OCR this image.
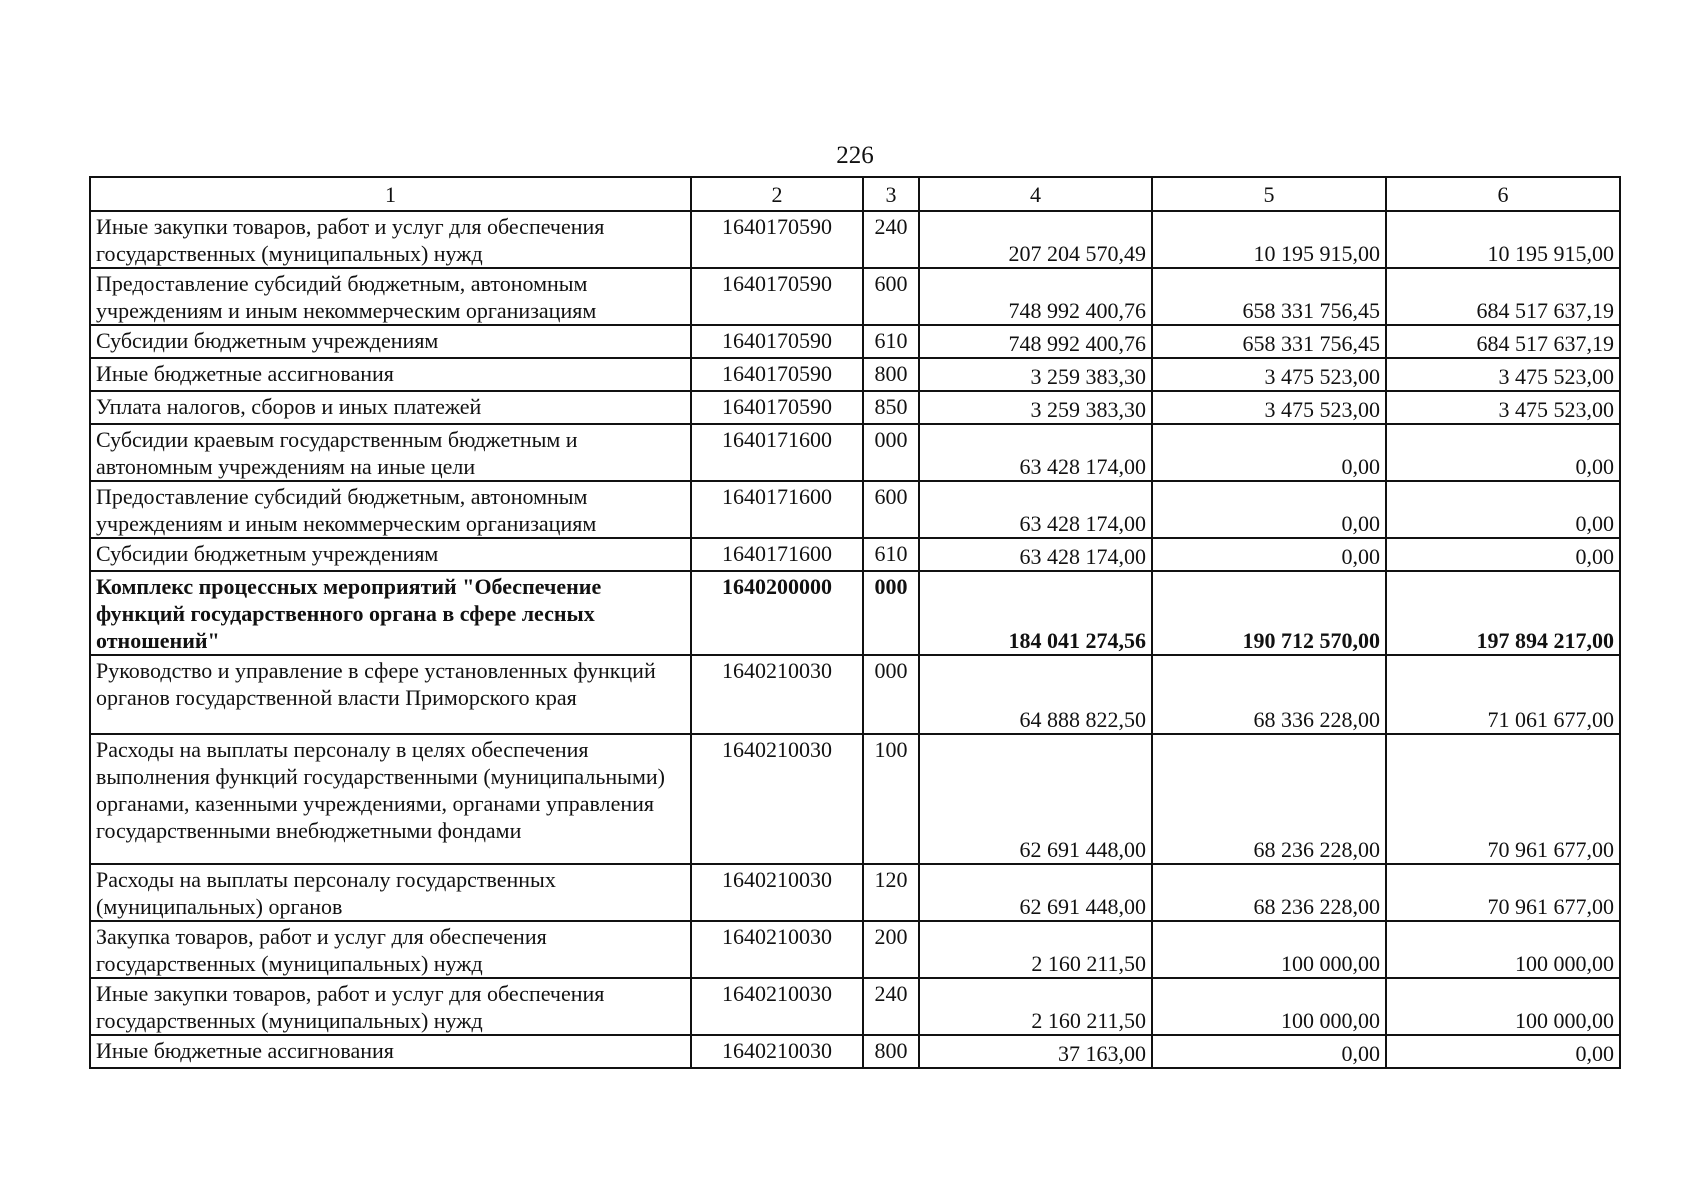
226
1	2	3	4	5	6
Иные закупки товаров, работ и услуг для обеспечения государственных (муниципальных) нужд	1640170590	240	207 204 570,49	10 195 915,00	10 195 915,00
Предоставление субсидий бюджетным, автономным учреждениям и иным некоммерческим организациям	1640170590	600	748 992 400,76	658 331 756,45	684 517 637,19
Субсидии бюджетным учреждениям	1640170590	610	748 992 400,76	658 331 756,45	684 517 637,19
Иные бюджетные ассигнования	1640170590	800	3 259 383,30	3 475 523,00	3 475 523,00
Уплата налогов, сборов и иных платежей	1640170590	850	3 259 383,30	3 475 523,00	3 475 523,00
Субсидии краевым государственным бюджетным и автономным учреждениям на иные цели	1640171600	000	63 428 174,00	0,00	0,00
Предоставление субсидий бюджетным, автономным учреждениям и иным некоммерческим организациям	1640171600	600	63 428 174,00	0,00	0,00
Субсидии бюджетным учреждениям	1640171600	610	63 428 174,00	0,00	0,00
Комплекс процессных мероприятий "Обеспечение функций государственного органа в сфере лесных отношений"	1640200000	000	184 041 274,56	190 712 570,00	197 894 217,00
Руководство и управление в сфере установленных функций органов государственной власти Приморского края	1640210030	000	64 888 822,50	68 336 228,00	71 061 677,00
Расходы на выплаты персоналу в целях обеспечения выполнения функций государственными (муниципальными) органами, казенными учреждениями, органами управления государственными внебюджетными фондами	1640210030	100	62 691 448,00	68 236 228,00	70 961 677,00
Расходы на выплаты персоналу государственных (муниципальных) органов	1640210030	120	62 691 448,00	68 236 228,00	70 961 677,00
Закупка товаров, работ и услуг для обеспечения государственных (муниципальных) нужд	1640210030	200	2 160 211,50	100 000,00	100 000,00
Иные закупки товаров, работ и услуг для обеспечения государственных (муниципальных) нужд	1640210030	240	2 160 211,50	100 000,00	100 000,00
Иные бюджетные ассигнования	1640210030	800	37 163,00	0,00	0,00
